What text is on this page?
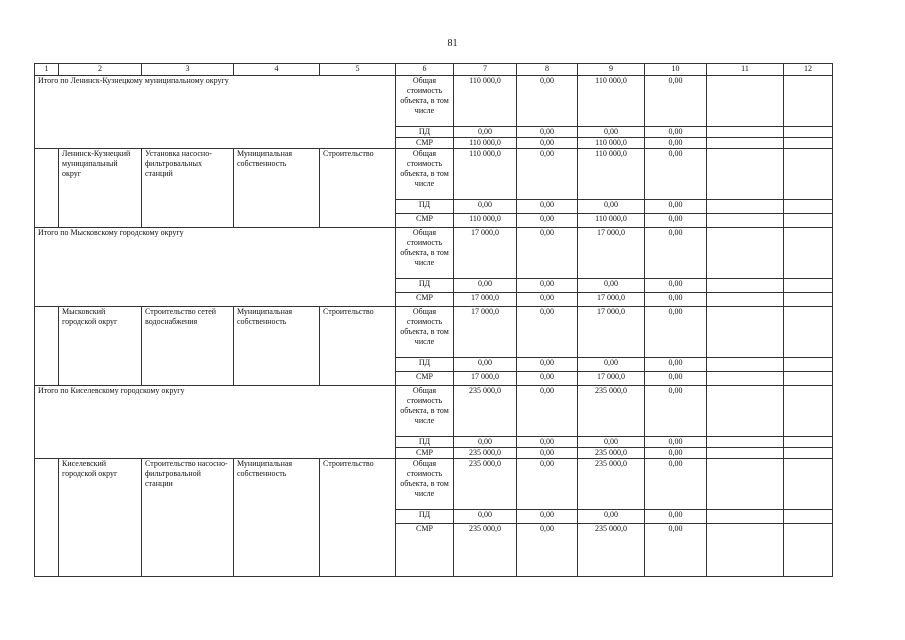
81
1	2	3	4	5	6	7	8	9	10	11	12
Итого по Ленинск-Кузнецкому муниципальному округу					Общая стоимость объекта, в том числе	110 000,0	0,00	110 000,0	0,00		
					ПД	0,00	0,00	0,00	0,00		
					СМР	110 000,0	0,00	110 000,0	0,00		
	Ленинск-Кузнецкий муниципальный округ	Установка насосно-фильтровальных станций	Муниципальная собственность	Строительство	Общая стоимость объекта, в том числе	110 000,0	0,00	110 000,0	0,00		
					ПД	0,00	0,00	0,00	0,00		
					СМР	110 000,0	0,00	110 000,0	0,00		
Итого по Мысковскому городскому округу					Общая стоимость объекта, в том числе	17 000,0	0,00	17 000,0	0,00		
					ПД	0,00	0,00	0,00	0,00		
					СМР	17 000,0	0,00	17 000,0	0,00		
	Мысковский городской округ	Строительство сетей водоснабжения	Муниципальная собственность	Строительство	Общая стоимость объекта, в том числе	17 000,0	0,00	17 000,0	0,00		
					ПД	0,00	0,00	0,00	0,00		
					СМР	17 000,0	0,00	17 000,0	0,00		
Итого по Киселевскому городскому округу					Общая стоимость объекта, в том числе	235 000,0	0,00	235 000,0	0,00		
					ПД	0,00	0,00	0,00	0,00		
					СМР	235 000,0	0,00	235 000,0	0,00		
	Киселевский городской округ	Строительство насосно-фильтровальной станции	Муниципальная собственность	Строительство	Общая стоимость объекта, в том числе	235 000,0	0,00	235 000,0	0,00		
					ПД	0,00	0,00	0,00	0,00		
					СМР	235 000,0	0,00	235 000,0	0,00		
